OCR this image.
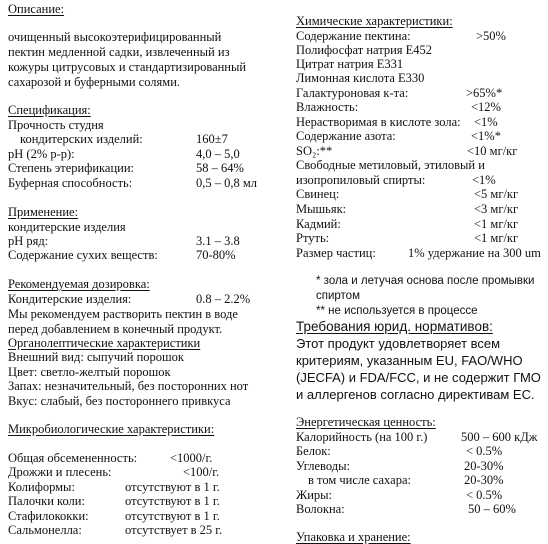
Описание:
очищенный высокоэтерифицированный
пектин медленной садки, извлеченный из
кожуры цитрусовых и стандартизированный
сахарозой и буферными солями.
Спецификация:
Прочность студня
кондитерских изделий:	160±7
pH (2% р-р):	4,0 – 5,0
Степень этерификации:	58 – 64%
Буферная способность:	0,5 – 0,8 мл
Применение:
кондитерские изделия
pH ряд:	3.1 – 3.8
Содержание сухих веществ:	70-80%
Рекомендуемая дозировка:
Кондитерские изделия:	0.8 – 2.2%
Мы рекомендуем растворить пектин в воде
перед добавлением в конечный продукт.
Органолептические характеристики
Внешний вид: сыпучий порошок
Цвет: светло-желтый порошок
Запах: незначительный, без посторонних нот
Вкус: слабый, без постороннего привкуса
Микробиологические характеристики:
Общая обсемененность:	<1000/г.
Дрожжи и плесень:	<100/г.
Колиформы:	отсутствуют в 1 г.
Палочки коли:	отсутствуют в 1 г.
Стафилококки:	отсутствуют в 1 г.
Сальмонелла:	отсутствует в 25 г.
Химические характеристики:
Содержание пектина:	>50%
Полифосфат натрия E452
Цитрат натрия E331
Лимонная кислота E330
Галактуроновая к-та:	>65%*
Влажность:	<12%
Нерастворимая в кислоте зола: <1%
Содержание азота:	<1%*
SO₂:**	<10 мг/кг
Свободные метиловый, этиловый и
изопропиловый спирты:	<1%
Свинец:	<5 мг/кг
Мышьяк:	<3 мг/кг
Кадмий:	<1 мг/кг
Ртуть:	<1 мг/кг
Размер частиц:	1% удержание на 300 um
* зола и летучая основа после промывки
спиртом
** не используется в процессе
Требования юрид. нормативов:
Этот продукт удовлетворяет всем
критериям, указанным EU, FAO/WHO
(JECFA) и FDA/FCC, и не содержит ГМО
и аллергенов согласно директивам EC.
Энергетическая ценность:
Калорийность (на 100 г.)	500 – 600 кДж
Белок:	< 0.5%
Углеводы:	20-30%
в том числе сахара:	20-30%
Жиры:	< 0.5%
Волокна:	50 – 60%
Упаковка и хранение:
